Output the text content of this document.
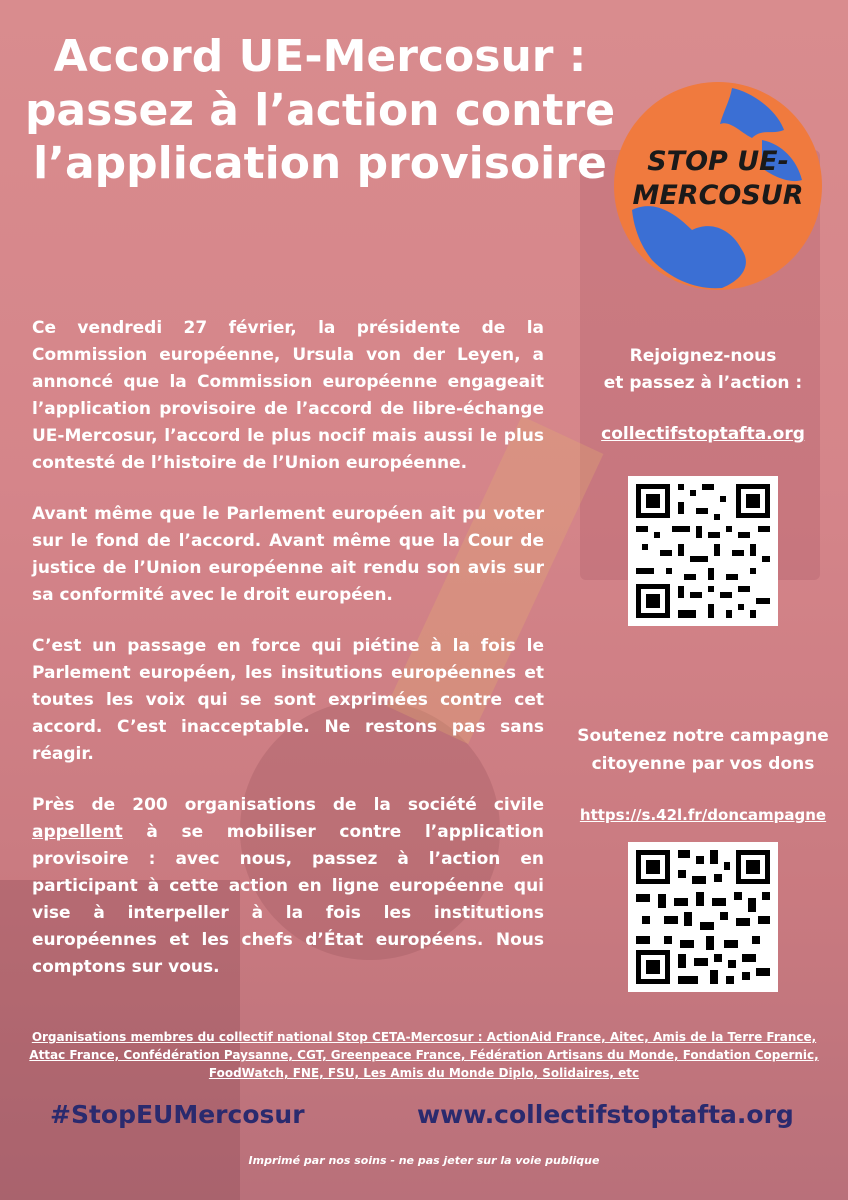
Accord UE-Mercosur :
passez à l’action contre
l’application provisoire	STOP UE-
MERCOSUR

Ce vendredi 27 février, la présidente de la Commission européenne, Ursula von der Leyen, a annoncé que la Commission européenne engageait l’application provisoire de l’accord de libre-échange UE-Mercosur, l’accord le plus nocif mais aussi le plus contesté de l’histoire de l’Union européenne.

Avant même que le Parlement européen ait pu voter sur le fond de l’accord. Avant même que la Cour de justice de l’Union européenne ait rendu son avis sur sa conformité avec le droit européen.

C’est un passage en force qui piétine à la fois le Parlement européen, les insitutions européennes et toutes les voix qui se sont exprimées contre cet accord. C’est inacceptable. Ne restons pas sans réagir.

Près de 200 organisations de la société civile appellent à se mobiliser contre l’application provisoire : avec nous, passez à l’action en participant à cette action en ligne européenne qui vise à interpeller à la fois les institutions européennes et les chefs d’État européens. Nous comptons sur vous.

Rejoignez-nous
et passez à l’action :
collectifstoptafta.org
Soutenez notre campagne
citoyenne par vos dons
https://s.42l.fr/doncampagne
Organisations membres du collectif national Stop CETA-Mercosur : ActionAid France, Aitec, Amis de la Terre France, Attac France, Confédération Paysanne, CGT, Greenpeace France, Fédération Artisans du Monde, Fondation Copernic, FoodWatch, FNE, FSU, Les Amis du Monde Diplo, Solidaires, etc
#StopEUMercosur	www.collectifstoptafta.org
Imprimé par nos soins - ne pas jeter sur la voie publique
